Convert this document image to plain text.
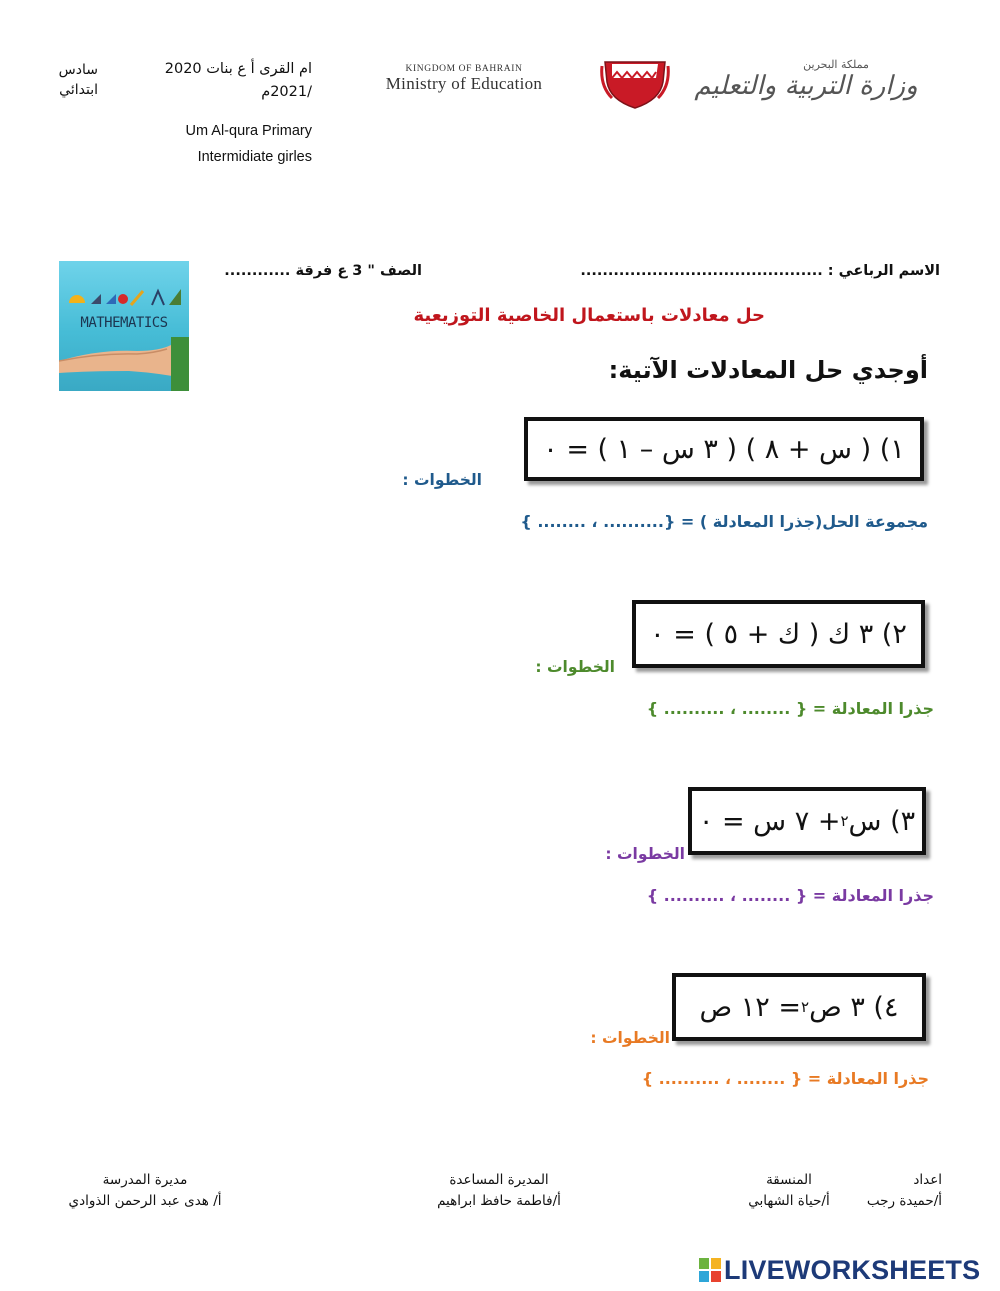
سادس
ابتدائي
ام القرى أ ع بنات 2020
/2021م
Um Al-qura Primary
Intermidiate girles
KINGDOM OF BAHRAIN
Ministry of Education
مملكة البحرين
وزارة التربية والتعليم
الاسم الرباعي : ............................................
الصف " 3 ع فرقة ............
MATHEMATICS	حل معادلات باستعمال الخاصية التوزيعية
أوجدي حل المعادلات الآتية:
١) ( س + ٨ ) ( ٣ س – ١ ) = ٠
الخطوات :
مجموعة الحل(جذرا المعادلة ) = {.......... ، ........ }
٢) ٣ ك ( ك + ٥ ) = ٠
الخطوات :
جذرا المعادلة = { ........ ، .......... }
٣) س
٢
+ ٧ س = ٠
الخطوات :
جذرا المعادلة = { ........ ، .......... }
٤) ٣ ص
٢
= ١٢ ص
الخطوات :
جذرا المعادلة = { ........ ، .......... }
اعداد
أ/حميدة رجب
المنسقة
أ/حياة الشهابي
المديرة المساعدة
أ/فاطمة حافظ ابراهيم
مديرة المدرسة
أ/ هدى عبد الرحمن الذوادي
LIVEWORKSHEETS
